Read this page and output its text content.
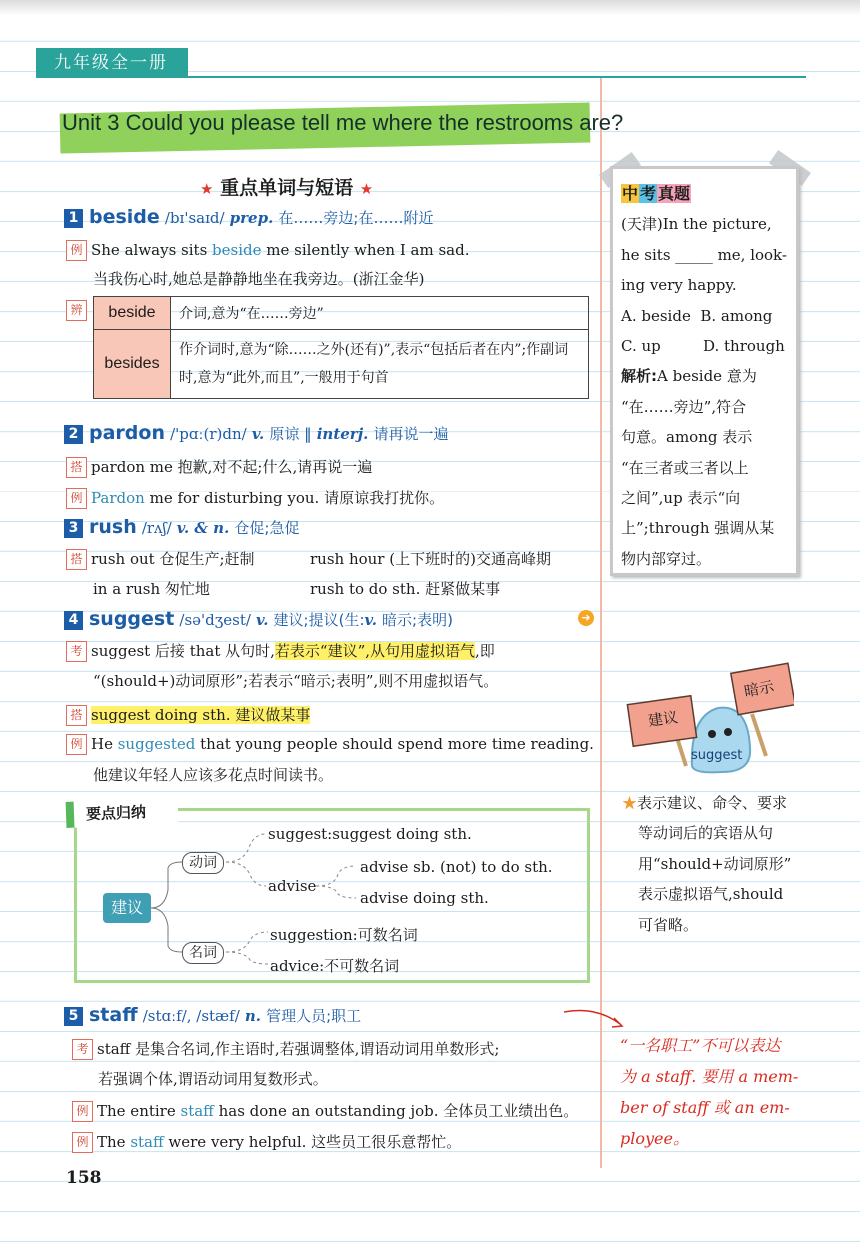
九年级全一册
Unit 3 Could you please tell me where the restrooms are?
★ 重点单词与短语 ★
1 beside /bɪ'saɪd/ prep. 在……旁边;在……附近
例 She always sits beside me silently when I am sad.
当我伤心时,她总是静静地坐在我旁边。(浙江金华)
辨	beside	介词,意为“在……旁边”
besides	作介词时,意为“除……之外(还有)”,表示“包括后者在内”;作副词时,意为“此外,而且”,一般用于句首
2 pardon /'pɑː(r)dn/ v. 原谅 ‖ interj. 请再说一遍
搭 pardon me 抱歉,对不起;什么,请再说一遍
例 Pardon me for disturbing you. 请原谅我打扰你。
3 rush /rʌʃ/ v. & n. 仓促;急促
搭 rush out 仓促生产;赶制	rush hour (上下班时的)交通高峰期
in a rush 匆忙地	rush to do sth. 赶紧做某事
4 suggest /sə'dʒest/ v. 建议;提议(生:v. 暗示;表明)	➜
考 suggest 后接 that 从句时,若表示“建议”,从句用虚拟语气,即
“(should+)动词原形”;若表示“暗示;表明”,则不用虚拟语气。
搭 suggest doing sth. 建议做某事
例 He suggested that young people should spend more time reading.
他建议年轻人应该多花点时间读书。
要点归纳
建议
动词
名词
suggest:suggest doing sth.
advise
advise sb. (not) to do sth.
advise doing sth.
suggestion:可数名词
advice:不可数名词
5 staff /stɑːf/, /stæf/ n. 管理人员;职工
考 staff 是集合名词,作主语时,若强调整体,谓语动词用单数形式;
若强调个体,谓语动词用复数形式。
例 The entire staff has done an outstanding job. 全体员工业绩出色。
例 The staff were very helpful. 这些员工很乐意帮忙。
中 考 真题
(天津)In the picture,
he sits _____ me, look-
ing very happy.
A. beside B. among
C. up	D. through
解析:A beside 意为
“在……旁边”,符合
句意。among 表示
“在三者或三者以上
之间”,up 表示“向
上”;through 强调从某
物内部穿过。
建议
暗示
suggest
★表示建议、命令、要求
等动词后的宾语从句
用“should+动词原形”
表示虚拟语气,should
可省略。
“一名职工”不可以表达
为 a staff. 要用 a mem-
ber of staff 或 an em-
ployee。
158
